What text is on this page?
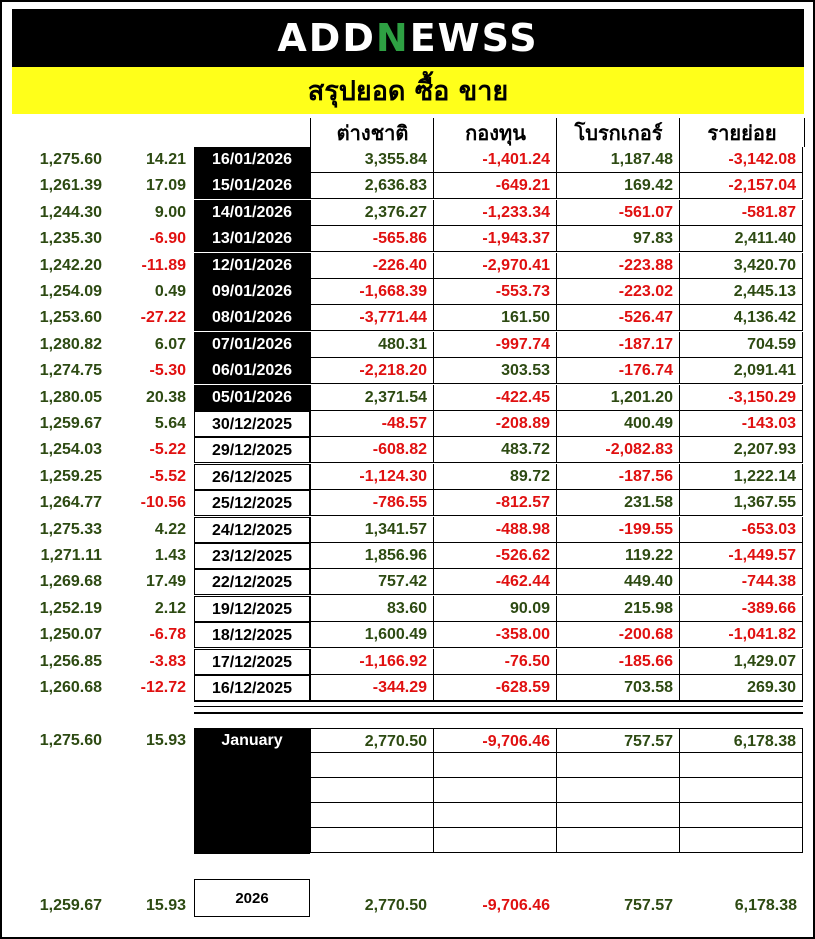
ADDNEWSS
สรุปยอด ซื้อ ขาย
ต่างชาติ	กองทุน	โบรกเกอร์	รายย่อย
1,275.60	14.21	16/01/2026	3,355.84	-1,401.24	1,187.48	-3,142.08
1,261.39	17.09	15/01/2026	2,636.83	-649.21	169.42	-2,157.04
1,244.30	9.00	14/01/2026	2,376.27	-1,233.34	-561.07	-581.87
1,235.30	-6.90	13/01/2026	-565.86	-1,943.37	97.83	2,411.40
1,242.20	-11.89	12/01/2026	-226.40	-2,970.41	-223.88	3,420.70
1,254.09	0.49	09/01/2026	-1,668.39	-553.73	-223.02	2,445.13
1,253.60	-27.22	08/01/2026	-3,771.44	161.50	-526.47	4,136.42
1,280.82	6.07	07/01/2026	480.31	-997.74	-187.17	704.59
1,274.75	-5.30	06/01/2026	-2,218.20	303.53	-176.74	2,091.41
1,280.05	20.38	05/01/2026	2,371.54	-422.45	1,201.20	-3,150.29
1,259.67	5.64	30/12/2025	-48.57	-208.89	400.49	-143.03
1,254.03	-5.22	29/12/2025	-608.82	483.72	-2,082.83	2,207.93
1,259.25	-5.52	26/12/2025	-1,124.30	89.72	-187.56	1,222.14
1,264.77	-10.56	25/12/2025	-786.55	-812.57	231.58	1,367.55
1,275.33	4.22	24/12/2025	1,341.57	-488.98	-199.55	-653.03
1,271.11	1.43	23/12/2025	1,856.96	-526.62	119.22	-1,449.57
1,269.68	17.49	22/12/2025	757.42	-462.44	449.40	-744.38
1,252.19	2.12	19/12/2025	83.60	90.09	215.98	-389.66
1,250.07	-6.78	18/12/2025	1,600.49	-358.00	-200.68	-1,041.82
1,256.85	-3.83	17/12/2025	-1,166.92	-76.50	-185.66	1,429.07
1,260.68	-12.72	16/12/2025	-344.29	-628.59	703.58	269.30
1,275.60	15.93	January	2,770.50	-9,706.46	757.57	6,178.38
1,259.67	15.93	2026	2,770.50	-9,706.46	757.57	6,178.38
